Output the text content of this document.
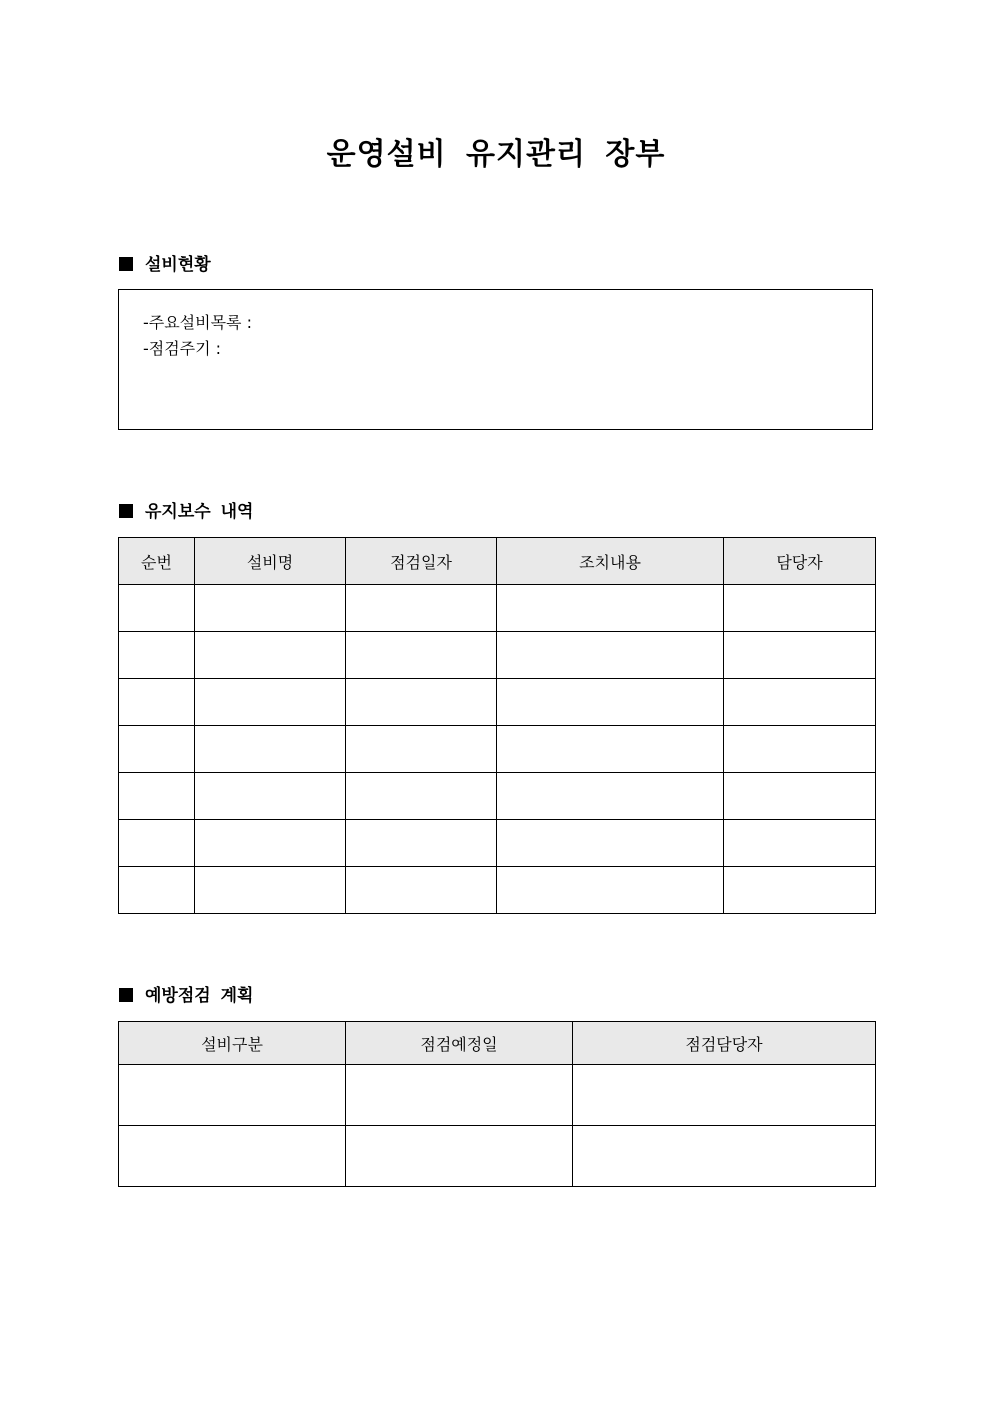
운영설비 유지관리 장부
설비현황
-주요설비목록 :
-점검주기 :
유지보수 내역
순번	설비명	점검일자	조치내용	담당자

예방점검 계획
설비구분	점검예정일	점검담당자
